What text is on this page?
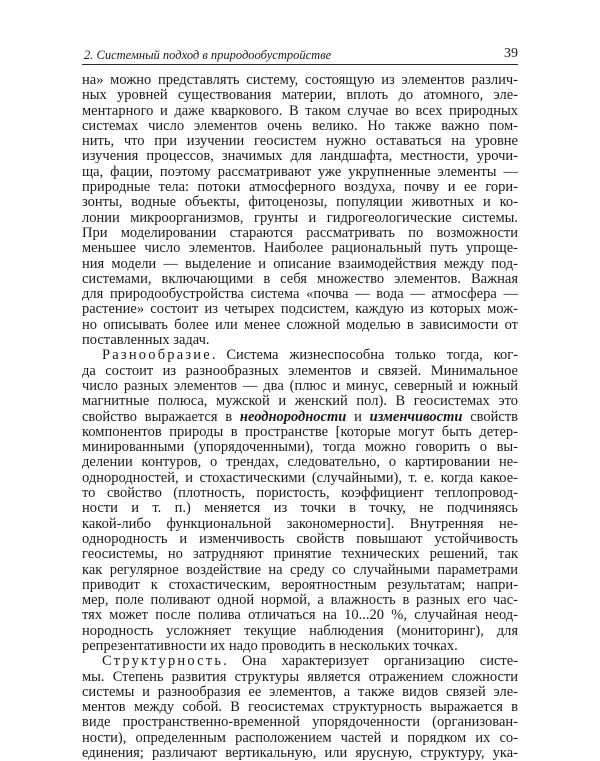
2. Системный подход в природообустройстве	39
на» можно представлять систему, состоящую из элементов различ-
ных уровней существования материи, вплоть до атомного, эле-
ментарного и даже кваркового. В таком случае во всех природных
системах число элементов очень велико. Но также важно пом-
нить, что при изучении геосистем нужно оставаться на уровне
изучения процессов, значимых для ландшафта, местности, урочи-
ща, фации, поэтому рассматривают уже укрупненные элементы —
природные тела: потоки атмосферного воздуха, почву и ее гори-
зонты, водные объекты, фитоценозы, популяции животных и ко-
лонии микроорганизмов, грунты и гидрогеологические системы.
При моделировании стараются рассматривать по возможности
меньшее число элементов. Наиболее рациональный путь упроще-
ния модели — выделение и описание взаимодействия между под-
системами, включающими в себя множество элементов. Важная
для природообустройства система «почва — вода — атмосфера —
растение» состоит из четырех подсистем, каждую из которых мож-
но описывать более или менее сложной моделью в зависимости от
поставленных задач.
Разнообразие. Система жизнеспособна только тогда, ког-
да состоит из разнообразных элементов и связей. Минимальное
число разных элементов — два (плюс и минус, северный и южный
магнитные полюса, мужской и женский пол). В геосистемах это
свойство выражается в неоднородности и изменчивости свойств
компонентов природы в пространстве [которые могут быть детер-
минированными (упорядоченными), тогда можно говорить о вы-
делении контуров, о трендах, следовательно, о картировании не-
однородностей, и стохастическими (случайными), т. е. когда какое-
то свойство (плотность, пористость, коэффициент теплопровод-
ности и т. п.) меняется из точки в точку, не подчиняясь
какой-либо функциональной закономерности]. Внутренняя не-
однородность и изменчивость свойств повышают устойчивость
геосистемы, но затрудняют принятие технических решений, так
как регулярное воздействие на среду со случайными параметрами
приводит к стохастическим, вероятностным результатам; напри-
мер, поле поливают одной нормой, а влажность в разных его час-
тях может после полива отличаться на 10...20 %, случайная неод-
нородность усложняет текущие наблюдения (мониторинг), для
репрезентативности их надо проводить в нескольких точках.
Структурность. Она характеризует организацию систе-
мы. Степень развития структуры является отражением сложности
системы и разнообразия ее элементов, а также видов связей эле-
ментов между собой. В геосистемах структурность выражается в
виде пространственно-временной упорядоченности (организован-
ности), определенным расположением частей и порядком их со-
единения; различают вертикальную, или ярусную, структуру, ука-
